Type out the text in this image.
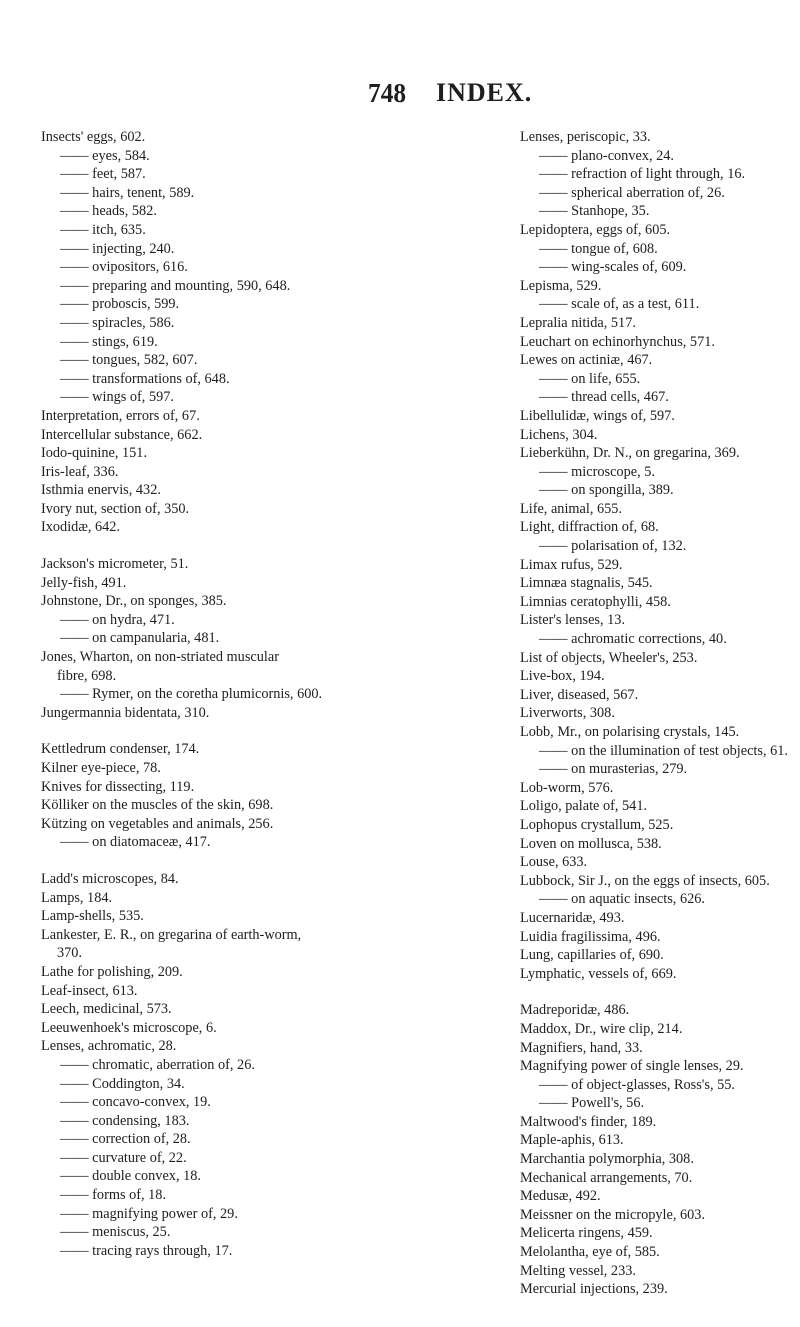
748 INDEX.
Insects' eggs, 602.
—— eyes, 584.
—— feet, 587.
—— hairs, tenent, 589.
—— heads, 582.
—— itch, 635.
—— injecting, 240.
—— ovipositors, 616.
—— preparing and mounting, 590, 648.
—— proboscis, 599.
—— spiracles, 586.
—— stings, 619.
—— tongues, 582, 607.
—— transformations of, 648.
—— wings of, 597.
Interpretation, errors of, 67.
Intercellular substance, 662.
Iodo-quinine, 151.
Iris-leaf, 336.
Isthmia enervis, 432.
Ivory nut, section of, 350.
Ixodidæ, 642.
Jackson's micrometer, 51.
Jelly-fish, 491.
Johnstone, Dr., on sponges, 385.
—— on hydra, 471.
—— on campanularia, 481.
Jones, Wharton, on non-striated muscular fibre, 698.
—— Rymer, on the coretha plumicornis, 600.
Jungermannia bidentata, 310.
Kettledrum condenser, 174.
Kilner eye-piece, 78.
Knives for dissecting, 119.
Kölliker on the muscles of the skin, 698.
Kützing on vegetables and animals, 256.
—— on diatomaceæ, 417.
Ladd's microscopes, 84.
Lamps, 184.
Lamp-shells, 535.
Lankester, E. R., on gregarina of earth-worm, 370.
Lathe for polishing, 209.
Leaf-insect, 613.
Leech, medicinal, 573.
Leeuwenhoek's microscope, 6.
Lenses, achromatic, 28.
—— chromatic, aberration of, 26.
—— Coddington, 34.
—— concavo-convex, 19.
—— condensing, 183.
—— correction of, 28.
—— curvature of, 22.
—— double convex, 18.
—— forms of, 18.
—— magnifying power of, 29.
—— meniscus, 25.
—— tracing rays through, 17.
Lenses, periscopic, 33.
—— plano-convex, 24.
—— refraction of light through, 16.
—— spherical aberration of, 26.
—— Stanhope, 35.
Lepidoptera, eggs of, 605.
—— tongue of, 608.
—— wing-scales of, 609.
Lepisma, 529.
—— scale of, as a test, 611.
Lepralia nitida, 517.
Leuchart on echinorhynchus, 571.
Lewes on actiniæ, 467.
—— on life, 655.
—— thread cells, 467.
Libellulidæ, wings of, 597.
Lichens, 304.
Lieberkühn, Dr. N., on gregarina, 369.
—— microscope, 5.
—— on spongilla, 389.
Life, animal, 655.
Light, diffraction of, 68.
—— polarisation of, 132.
Limax rufus, 529.
Limnæa stagnalis, 545.
Limnias ceratophylli, 458.
Lister's lenses, 13.
—— achromatic corrections, 40.
List of objects, Wheeler's, 253.
Live-box, 194.
Liver, diseased, 567.
Liverworts, 308.
Lobb, Mr., on polarising crystals, 145.
—— on the illumination of test objects, 61.
—— on murasterias, 279.
Lob-worm, 576.
Loligo, palate of, 541.
Lophopus crystallum, 525.
Loven on mollusca, 538.
Louse, 633.
Lubbock, Sir J., on the eggs of insects, 605.
—— on aquatic insects, 626.
Lucernaridæ, 493.
Luidia fragilissima, 496.
Lung, capillaries of, 690.
Lymphatic, vessels of, 669.
Madreporidæ, 486.
Maddox, Dr., wire clip, 214.
Magnifiers, hand, 33.
Magnifying power of single lenses, 29.
—— of object-glasses, Ross's, 55.
—— Powell's, 56.
Maltwood's finder, 189.
Maple-aphis, 613.
Marchantia polymorphia, 308.
Mechanical arrangements, 70.
Medusæ, 492.
Meissner on the micropyle, 603.
Melicerta ringens, 459.
Melolantha, eye of, 585.
Melting vessel, 233.
Mercurial injections, 239.
